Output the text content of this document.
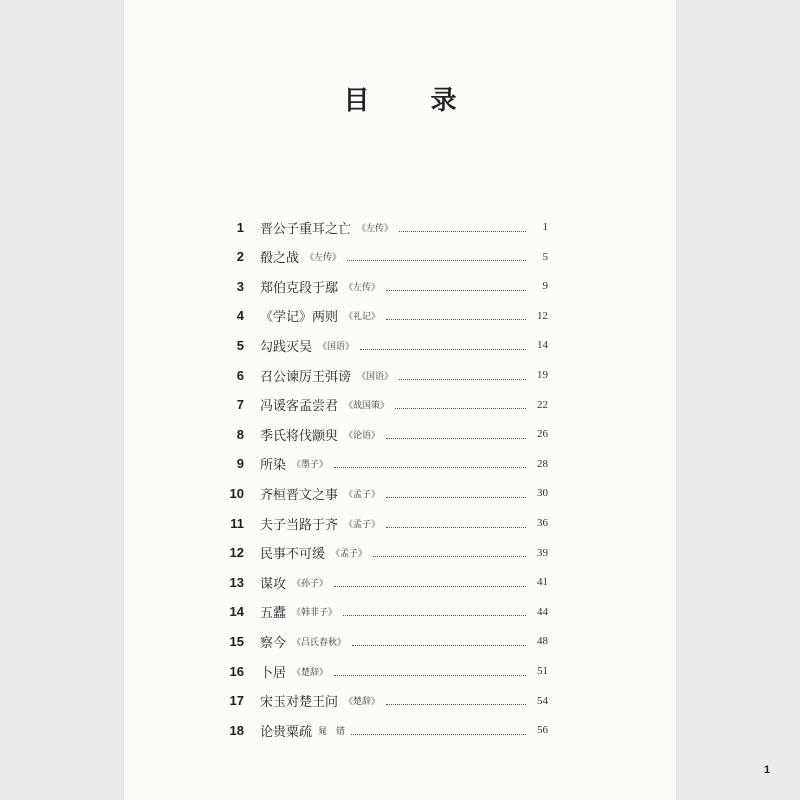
目 录
1 晋公子重耳之亡 《左传》	1
2 殽之战 《左传》	5
3 郑伯克段于鄢 《左传》	9
4 《学记》两则 《礼记》	12
5 勾践灭吴 《国语》	14
6 召公谏厉王弭谤 《国语》	19
7 冯谖客孟尝君 《战国策》	22
8 季氏将伐颛臾 《论语》	26
9 所染 《墨子》	28
10 齐桓晋文之事 《孟子》	30
11 夫子当路于齐 《孟子》	36
12 民事不可缓 《孟子》	39
13 谋攻 《孙子》	41
14 五蠹 《韩非子》	44
15 察今 《吕氏春秋》	48
16 卜居 《楚辞》	51
17 宋玉对楚王问 《楚辞》	54
18 论贵粟疏 晁　错	56
1
